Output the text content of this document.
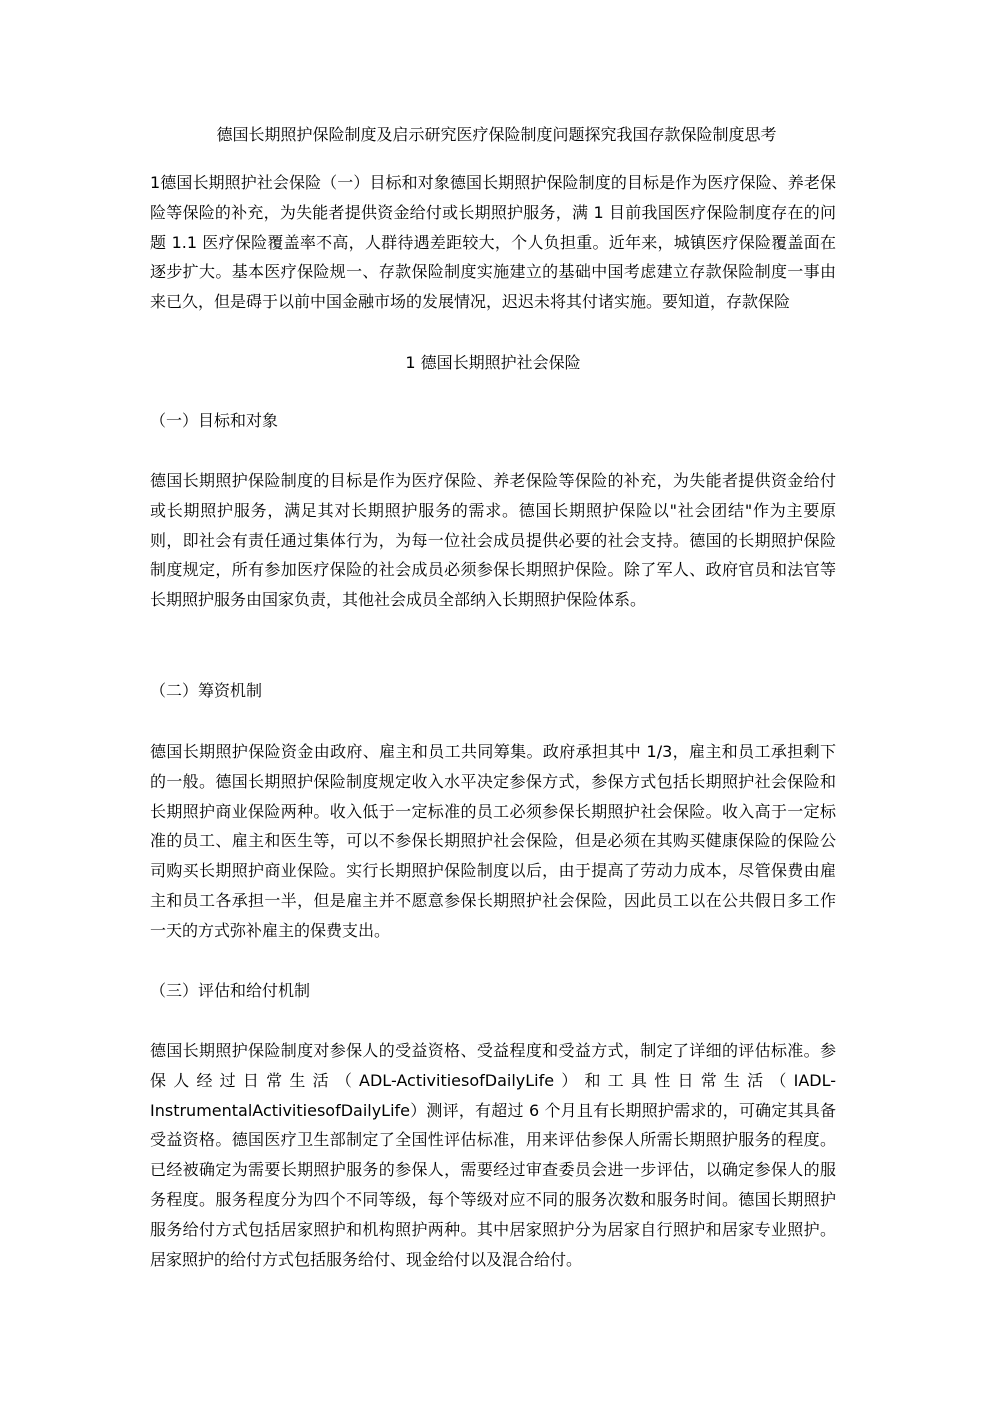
德国长期照护保险制度及启示研究医疗保险制度问题探究我国存款保险制度思考

1德国长期照护社会保险（一）目标和对象德国长期照护保险制度的目标是作为医疗保险、养老保险等保险的补充，为失能者提供资金给付或长期照护服务，满 1 目前我国医疗保险制度存在的问题 1.1 医疗保险覆盖率不高，人群待遇差距较大，个人负担重。近年来，城镇医疗保险覆盖面在逐步扩大。基本医疗保险规一、存款保险制度实施建立的基础中国考虑建立存款保险制度一事由来已久，但是碍于以前中国金融市场的发展情况，迟迟未将其付诸实施。要知道，存款保险

1 德国长期照护社会保险

（一）目标和对象

德国长期照护保险制度的目标是作为医疗保险、养老保险等保险的补充，为失能者提供资金给付或长期照护服务，满足其对长期照护服务的需求。德国长期照护保险以"社会团结"作为主要原则，即社会有责任通过集体行为，为每一位社会成员提供必要的社会支持。德国的长期照护保险制度规定，所有参加医疗保险的社会成员必须参保长期照护保险。除了军人、政府官员和法官等长期照护服务由国家负责，其他社会成员全部纳入长期照护保险体系。

（二）筹资机制

德国长期照护保险资金由政府、雇主和员工共同筹集。政府承担其中 1/3，雇主和员工承担剩下的一般。德国长期照护保险制度规定收入水平决定参保方式，参保方式包括长期照护社会保险和长期照护商业保险两种。收入低于一定标准的员工必须参保长期照护社会保险。收入高于一定标准的员工、雇主和医生等，可以不参保长期照护社会保险，但是必须在其购买健康保险的保险公司购买长期照护商业保险。实行长期照护保险制度以后，由于提高了劳动力成本，尽管保费由雇主和员工各承担一半，但是雇主并不愿意参保长期照护社会保险，因此员工以在公共假日多工作一天的方式弥补雇主的保费支出。

（三）评估和给付机制

德国长期照护保险制度对参保人的受益资格、受益程度和受益方式，制定了详细的评估标准。参保人经过日常生活（ADL-ActivitiesofDailyLife）和工具性日常生活（IADL-InstrumentalActivitiesofDailyLife）测评，有超过 6 个月且有长期照护需求的，可确定其具备受益资格。德国医疗卫生部制定了全国性评估标准，用来评估参保人所需长期照护服务的程度。已经被确定为需要长期照护服务的参保人，需要经过审查委员会进一步评估，以确定参保人的服务程度。服务程度分为四个不同等级，每个等级对应不同的服务次数和服务时间。德国长期照护服务给付方式包括居家照护和机构照护两种。其中居家照护分为居家自行照护和居家专业照护。居家照护的给付方式包括服务给付、现金给付以及混合给付。
